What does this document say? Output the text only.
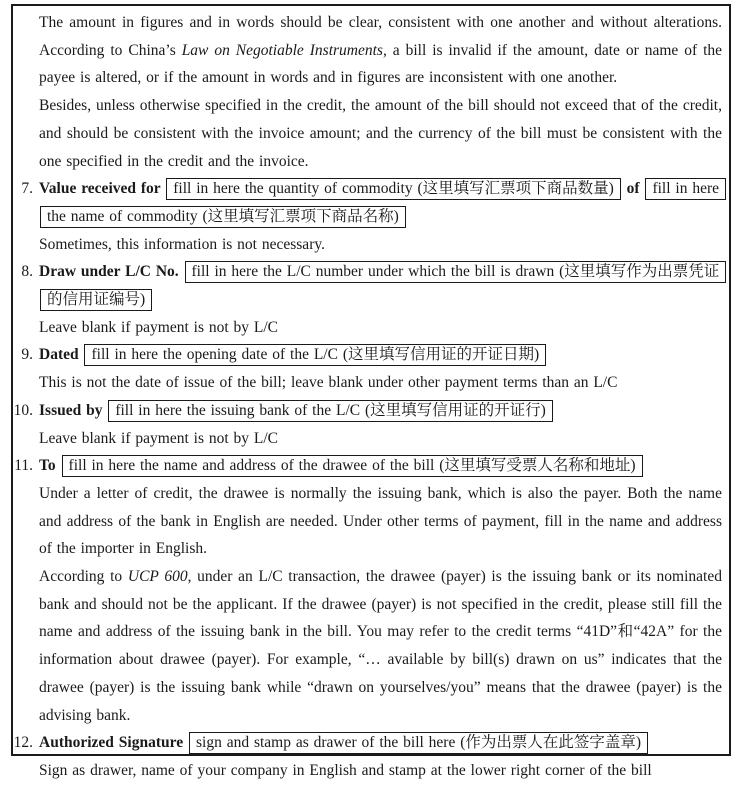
The amount in figures and in words should be clear, consistent with one another and without alterations. According to China’s Law on Negotiable Instruments, a bill is invalid if the amount, date or name of the payee is altered, or if the amount in words and in figures are inconsistent with one another.

Besides, unless otherwise specified in the credit, the amount of the bill should not exceed that of the credit, and should be consistent with the invoice amount; and the currency of the bill must be consistent with the one specified in the credit and the invoice.

7. Value received for fill in here the quantity of commodity (这里填写汇票项下商品数量) of fill in here the name of commodity (这里填写汇票项下商品名称)

Sometimes, this information is not necessary.

8. Draw under L/C No. fill in here the L/C number under which the bill is drawn (这里填写作为出票凭证的信用证编号)

Leave blank if payment is not by L/C

9. Dated fill in here the opening date of the L/C (这里填写信用证的开证日期)

This is not the date of issue of the bill; leave blank under other payment terms than an L/C

10. Issued by fill in here the issuing bank of the L/C (这里填写信用证的开证行)

Leave blank if payment is not by L/C

11. To fill in here the name and address of the drawee of the bill (这里填写受票人名称和地址)

Under a letter of credit, the drawee is normally the issuing bank, which is also the payer. Both the name and address of the bank in English are needed. Under other terms of payment, fill in the name and address of the importer in English.

According to UCP 600, under an L/C transaction, the drawee (payer) is the issuing bank or its nominated bank and should not be the applicant. If the drawee (payer) is not specified in the credit, please still fill the name and address of the issuing bank in the bill. You may refer to the credit terms “41D”和“42A” for the information about drawee (payer). For example, “… available by bill(s) drawn on us” indicates that the drawee (payer) is the issuing bank while “drawn on yourselves/you” means that the drawee (payer) is the advising bank.

12. Authorized Signature sign and stamp as drawer of the bill here (作为出票人在此签字盖章)

Sign as drawer, name of your company in English and stamp at the lower right corner of the bill
